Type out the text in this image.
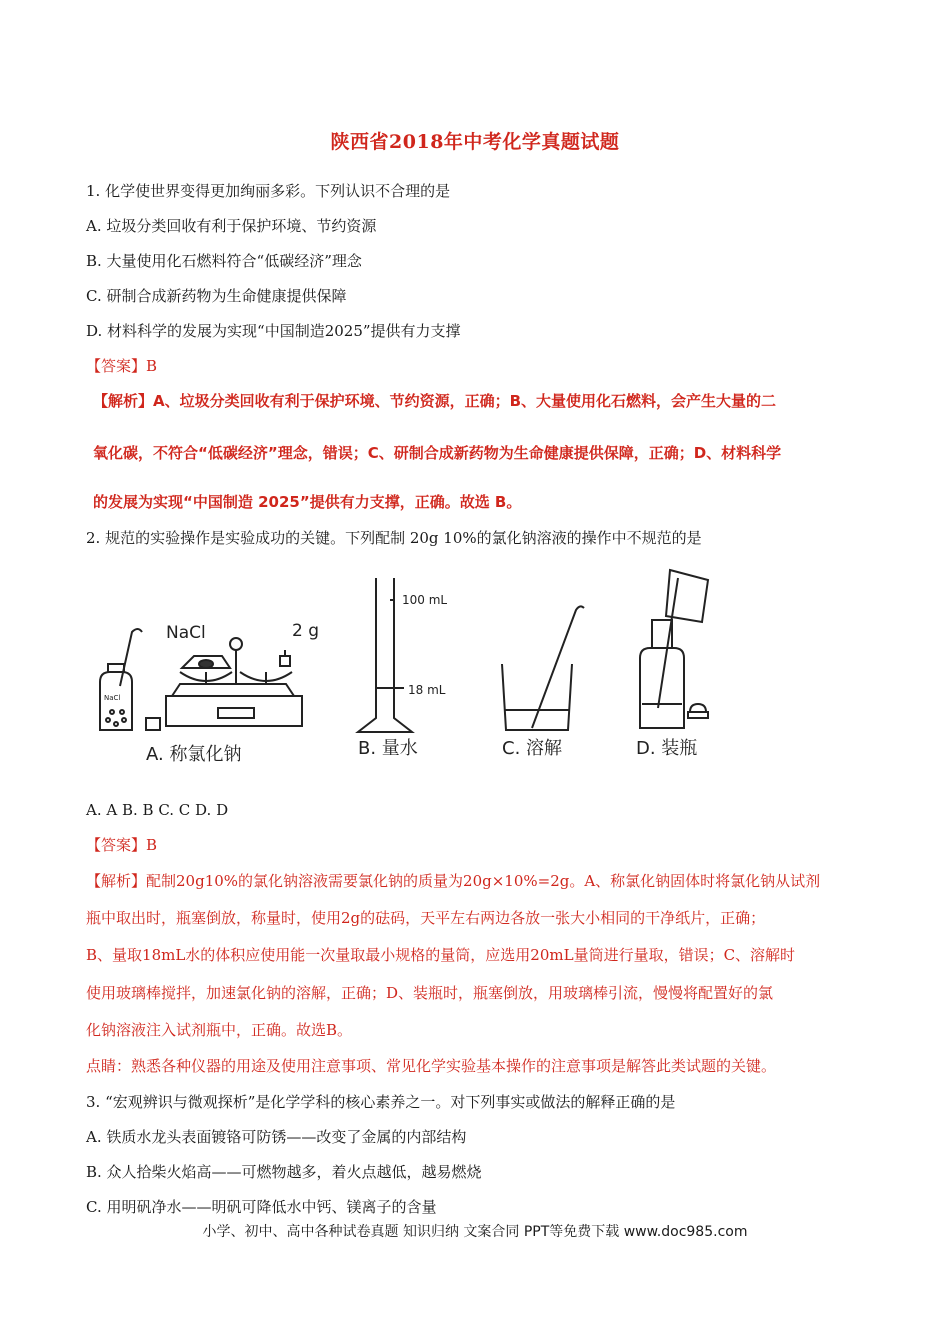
陕西省2018年中考化学真题试题
1. 化学使世界变得更加绚丽多彩。下列认识不合理的是
A. 垃圾分类回收有利于保护环境、节约资源
B. 大量使用化石燃料符合“低碳经济”理念
C. 研制合成新药物为生命健康提供保障
D. 材料科学的发展为实现“中国制造2025”提供有力支撑
【答案】B
【解析】A、垃圾分类回收有利于保护环境、节约资源，正确；B、大量使用化石燃料，会产生大量的二
氧化碳，不符合“低碳经济”理念，错误；C、研制合成新药物为生命健康提供保障，正确；D、材料科学
的发展为实现“中国制造 2025”提供有力支撑，正确。故选 B。
2. 规范的实验操作是实验成功的关键。下列配制 20g 10%的氯化钠溶液的操作中不规范的是
NaCl	2 g
NaCl
100 mL
18 mL
A. 称氯化钠	B. 量水	C. 溶解	D. 装瓶
A. A B. B C. C D. D
【答案】B
【解析】配制20g10%的氯化钠溶液需要氯化钠的质量为20g×10%=2g。A、称氯化钠固体时将氯化钠从试剂
瓶中取出时，瓶塞倒放，称量时，使用2g的砝码，天平左右两边各放一张大小相同的干净纸片，正确；
B、量取18mL水的体积应使用能一次量取最小规格的量筒，应选用20mL量筒进行量取，错误；C、溶解时
使用玻璃棒搅拌，加速氯化钠的溶解，正确；D、装瓶时，瓶塞倒放，用玻璃棒引流，慢慢将配置好的氯
化钠溶液注入试剂瓶中，正确。故选B。
点睛：熟悉各种仪器的用途及使用注意事项、常见化学实验基本操作的注意事项是解答此类试题的关键。
3. “宏观辨识与微观探析”是化学学科的核心素养之一。对下列事实或做法的解释正确的是
A. 铁质水龙头表面镀铬可防锈——改变了金属的内部结构
B. 众人拾柴火焰高——可燃物越多，着火点越低，越易燃烧
C. 用明矾净水——明矾可降低水中钙、镁离子的含量
小学、初中、高中各种试卷真题 知识归纳 文案合同 PPT等免费下载 www.doc985.com
